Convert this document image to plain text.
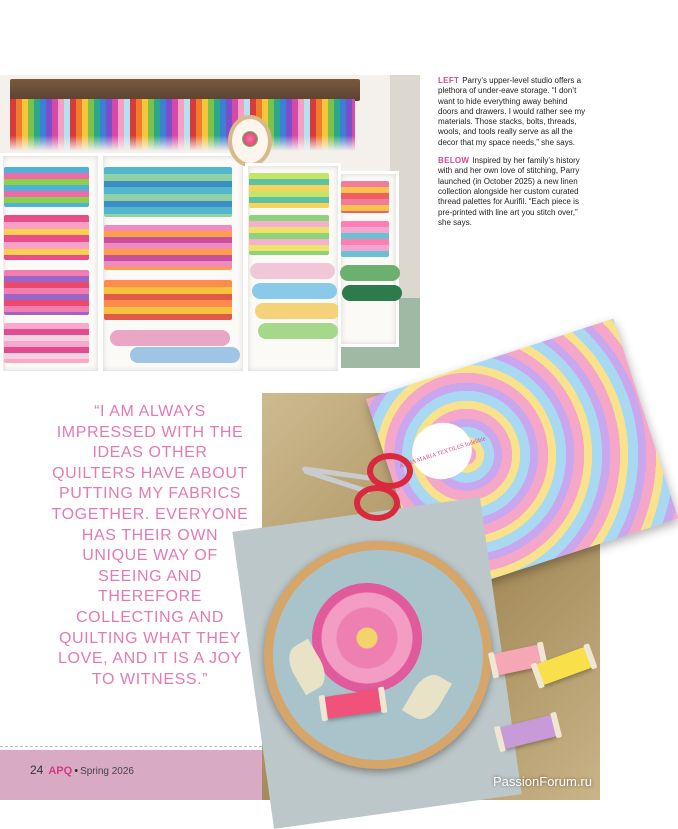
LEFT Parry’s upper-level studio offers a plethora of under-eave storage. “I don’t want to hide everything away behind doors and drawers. I would rather see my materials. Those stacks, bolts, threads, wools, and tools really serve as all the decor that my space needs,” she says.

BELOW Inspired by her family’s history with and her own love of stitching, Parry launched (in October 2025) a new linen collection alongside her custom curated thread palettes for Aurifil. “Each piece is pre-printed with line art you stitch over,” she says.

“I AM ALWAYS IMPRESSED WITH THE IDEAS OTHER QUILTERS HAVE ABOUT PUTTING MY FABRICS TOGETHER. EVERYONE HAS THEIR OWN UNIQUE WAY OF SEEING AND THEREFORE COLLECTING AND QUILTING WHAT THEY LOVE, AND IT IS A JOY TO WITNESS.”
ANNA MARIA TEXTILES Indelible
24 APQ • Spring 2026
PassionForum.ru
